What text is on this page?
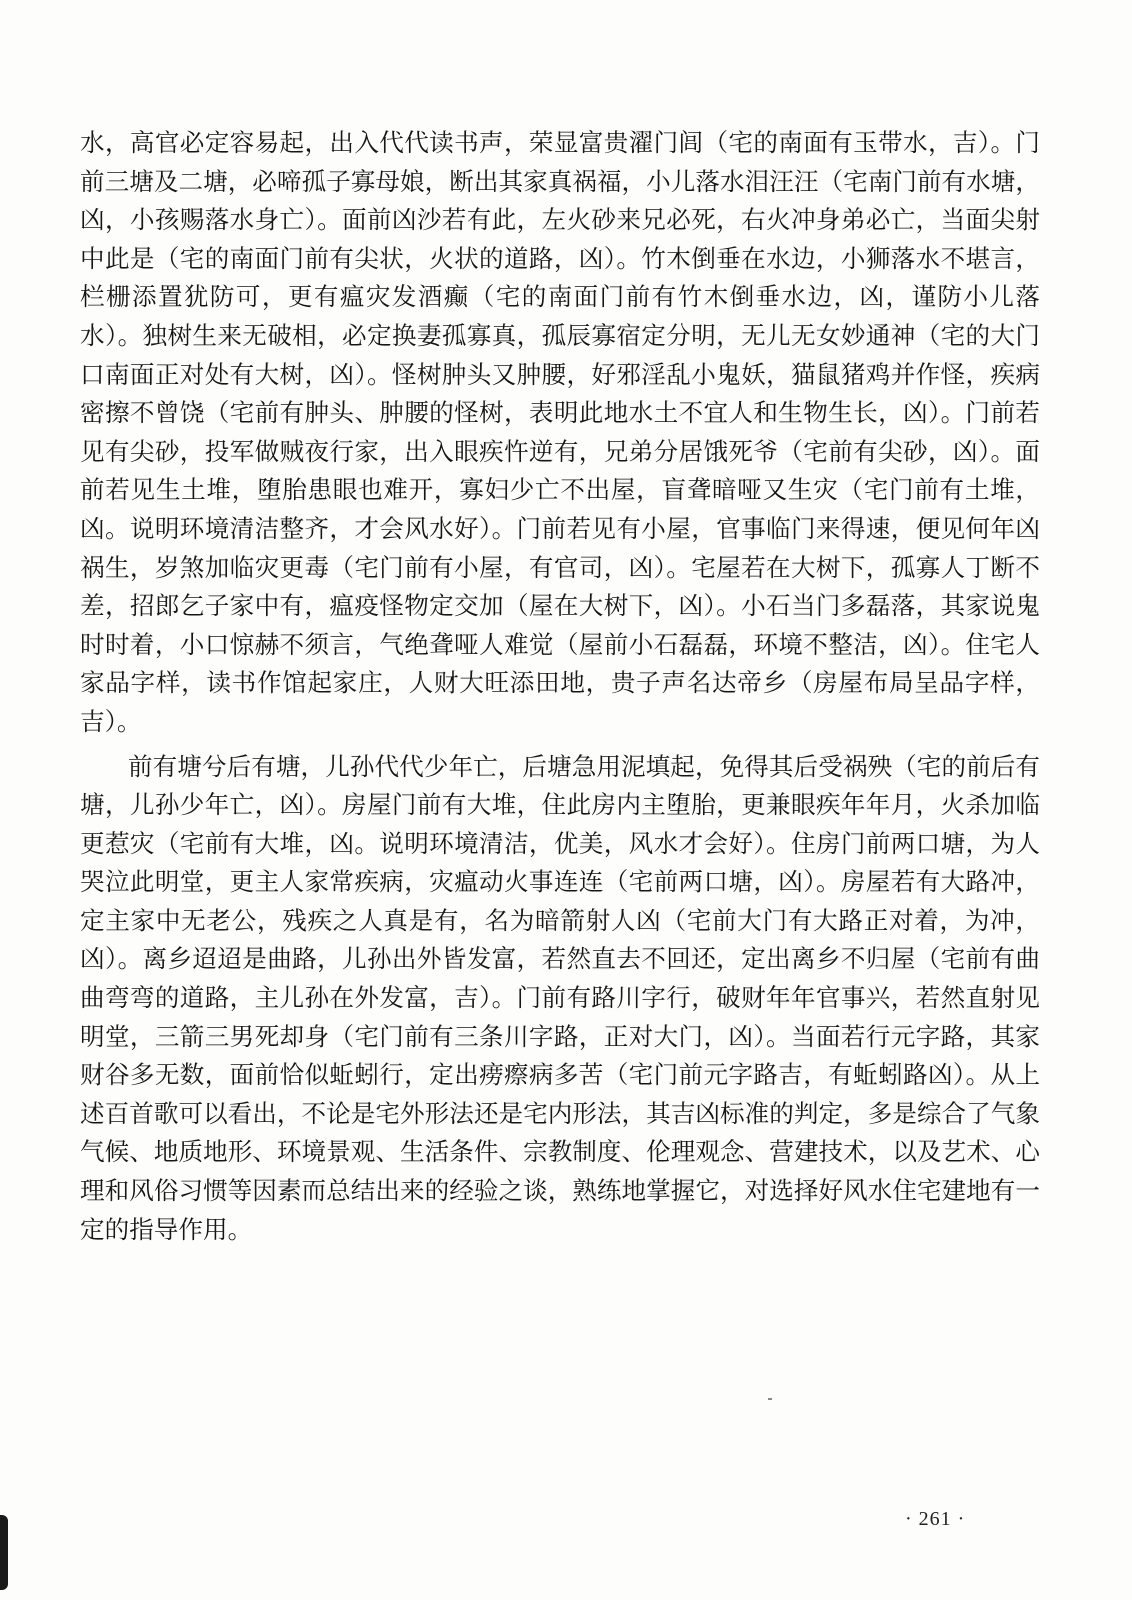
水，高官必定容易起，出入代代读书声，荣显富贵濯门闾（宅的南面有玉带水，吉）。门前三塘及二塘，必啼孤子寡母娘，断出其家真祸福，小儿落水泪汪汪（宅南门前有水塘，凶，小孩赐落水身亡）。面前凶沙若有此，左火砂来兄必死，右火冲身弟必亡，当面尖射中此是（宅的南面门前有尖状，火状的道路，凶）。竹木倒垂在水边，小狮落水不堪言，栏栅添置犹防可，更有瘟灾发酒癫（宅的南面门前有竹木倒垂水边，凶，谨防小儿落水）。独树生来无破相，必定换妻孤寡真，孤辰寡宿定分明，无儿无女妙通神（宅的大门口南面正对处有大树，凶）。怪树肿头又肿腰，好邪淫乱小鬼妖，猫鼠猪鸡并作怪，疾病密擦不曾饶（宅前有肿头、肿腰的怪树，表明此地水土不宜人和生物生长，凶）。门前若见有尖砂，投军做贼夜行家，出入眼疾忤逆有，兄弟分居饿死爷（宅前有尖砂，凶）。面前若见生土堆，堕胎患眼也难开，寡妇少亡不出屋，盲聋暗哑又生灾（宅门前有土堆，凶。说明环境清洁整齐，才会风水好）。门前若见有小屋，官事临门来得速，便见何年凶祸生，岁煞加临灾更毒（宅门前有小屋，有官司，凶）。宅屋若在大树下，孤寡人丁断不差，招郎乞子家中有，瘟疫怪物定交加（屋在大树下，凶）。小石当门多磊落，其家说鬼时时着，小口惊赫不须言，气绝聋哑人难觉（屋前小石磊磊，环境不整洁，凶）。住宅人家品字样，读书作馆起家庄，人财大旺添田地，贵子声名达帝乡（房屋布局呈品字样，吉）。

前有塘兮后有塘，儿孙代代少年亡，后塘急用泥填起，免得其后受祸殃（宅的前后有塘，儿孙少年亡，凶）。房屋门前有大堆，住此房内主堕胎，更兼眼疾年年月，火杀加临更惹灾（宅前有大堆，凶。说明环境清洁，优美，风水才会好）。住房门前两口塘，为人哭泣此明堂，更主人家常疾病，灾瘟动火事连连（宅前两口塘，凶）。房屋若有大路冲，定主家中无老公，残疾之人真是有，名为暗箭射人凶（宅前大门有大路正对着，为冲，凶）。离乡迢迢是曲路，儿孙出外皆发富，若然直去不回还，定出离乡不归屋（宅前有曲曲弯弯的道路，主儿孙在外发富，吉）。门前有路川字行，破财年年官事兴，若然直射见明堂，三箭三男死却身（宅门前有三条川字路，正对大门，凶）。当面若行元字路，其家财谷多无数，面前恰似蚯蚓行，定出痨瘵病多苦（宅门前元字路吉，有蚯蚓路凶）。从上述百首歌可以看出，不论是宅外形法还是宅内形法，其吉凶标准的判定，多是综合了气象气候、地质地形、环境景观、生活条件、宗教制度、伦理观念、营建技术，以及艺术、心理和风俗习惯等因素而总结出来的经验之谈，熟练地掌握它，对选择好风水住宅建地有一定的指导作用。

· 261 ·
